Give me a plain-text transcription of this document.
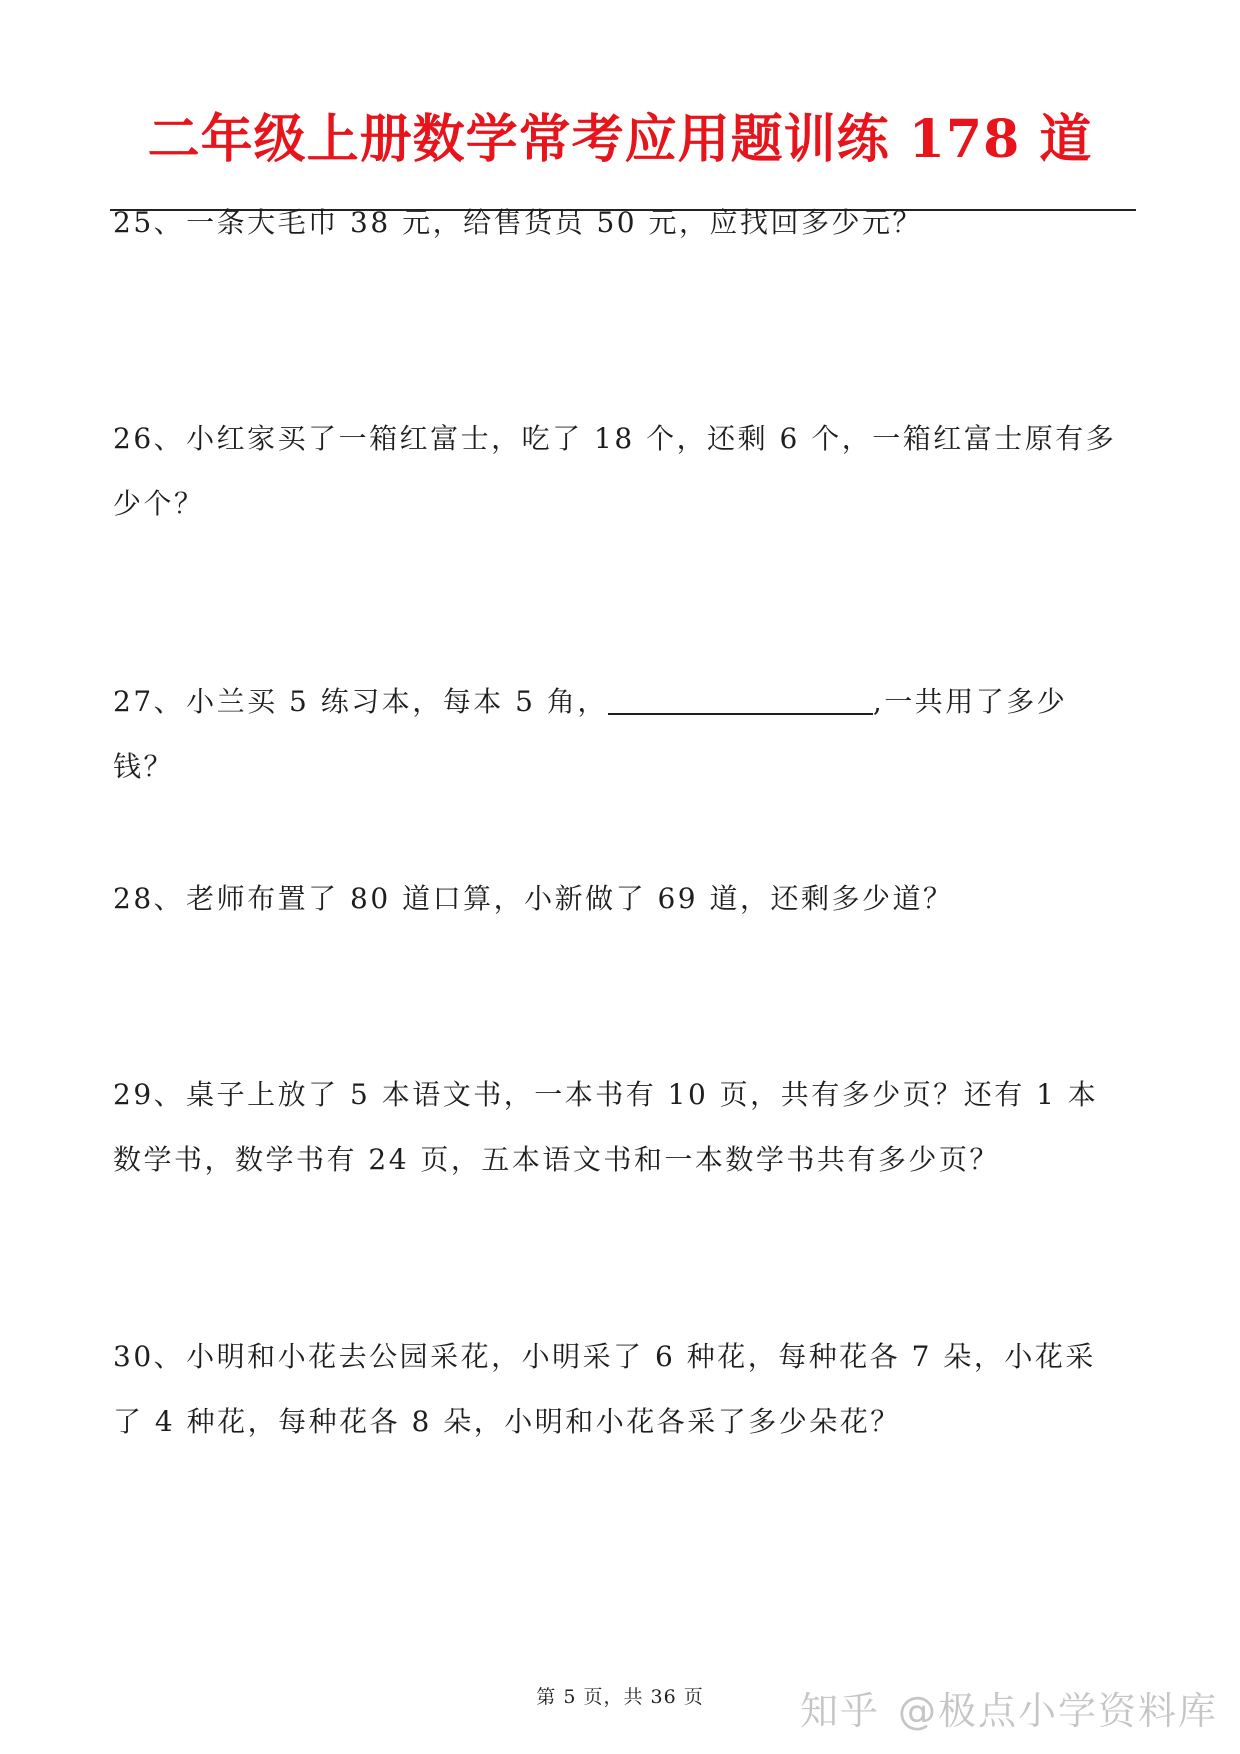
二年级上册数学常考应用题训练 178 道
25、一条大毛巾 38 元，给售货员 50 元，应找回多少元？
26、小红家买了一箱红富士，吃了 18 个，还剩 6 个，一箱红富士原有多少个？
27、小兰买 5 练习本，每本 5 角，	,一共用了多少钱？
28、老师布置了 80 道口算，小新做了 69 道，还剩多少道？
29、桌子上放了 5 本语文书，一本书有 10 页，共有多少页？还有 1 本数学书，数学书有 24 页，五本语文书和一本数学书共有多少页？
30、小明和小花去公园采花，小明采了 6 种花，每种花各 7 朵，小花采了 4 种花，每种花各 8 朵，小明和小花各采了多少朵花？
第 5 页，共 36 页	知乎 @极点小学资料库
